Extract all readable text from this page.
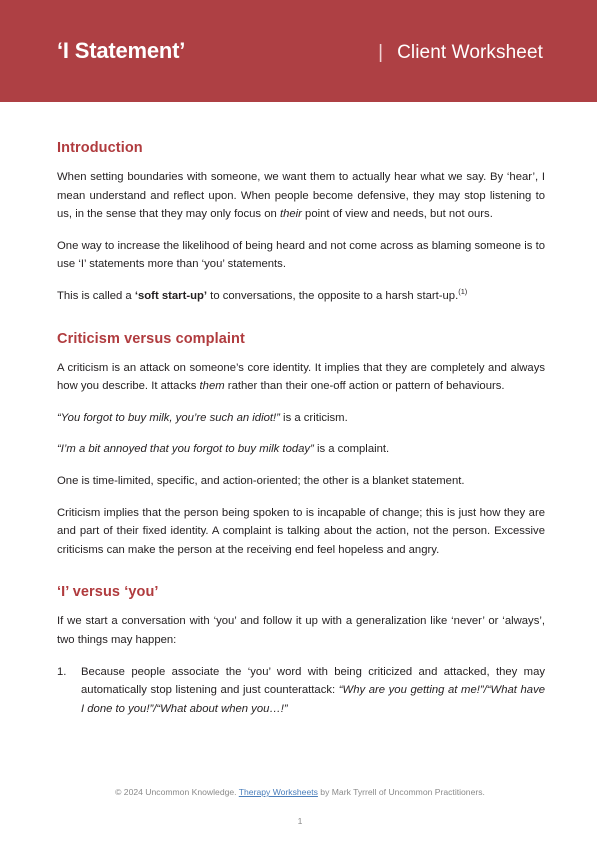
‘I Statement’	| Client Worksheet
Introduction

When setting boundaries with someone, we want them to actually hear what we say. By ‘hear’, I mean understand and reflect upon. When people become defensive, they may stop listening to us, in the sense that they may only focus on their point of view and needs, but not ours.

One way to increase the likelihood of being heard and not come across as blaming someone is to use ‘I’ statements more than ‘you’ statements.

This is called a ‘soft start-up’ to conversations, the opposite to a harsh start-up.$^{(1)}$

Criticism versus complaint

A criticism is an attack on someone’s core identity. It implies that they are completely and always how you describe. It attacks them rather than their one-off action or pattern of behaviours.

“You forgot to buy milk, you’re such an idiot!” is a criticism.

“I’m a bit annoyed that you forgot to buy milk today” is a complaint.

One is time-limited, specific, and action-oriented; the other is a blanket statement.

Criticism implies that the person being spoken to is incapable of change; this is just how they are and part of their fixed identity. A complaint is talking about the action, not the person. Excessive criticisms can make the person at the receiving end feel hopeless and angry.

‘I’ versus ‘you’

If we start a conversation with ‘you’ and follow it up with a generalization like ‘never’ or ‘always’, two things may happen:

Because people associate the ‘you’ word with being criticized and attacked, they may automatically stop listening and just counterattack: “Why are you getting at me!”/“What have I done to you!”/“What about when you…!”

© 2024 Uncommon Knowledge. Therapy Worksheets by Mark Tyrrell of Uncommon Practitioners.

1
